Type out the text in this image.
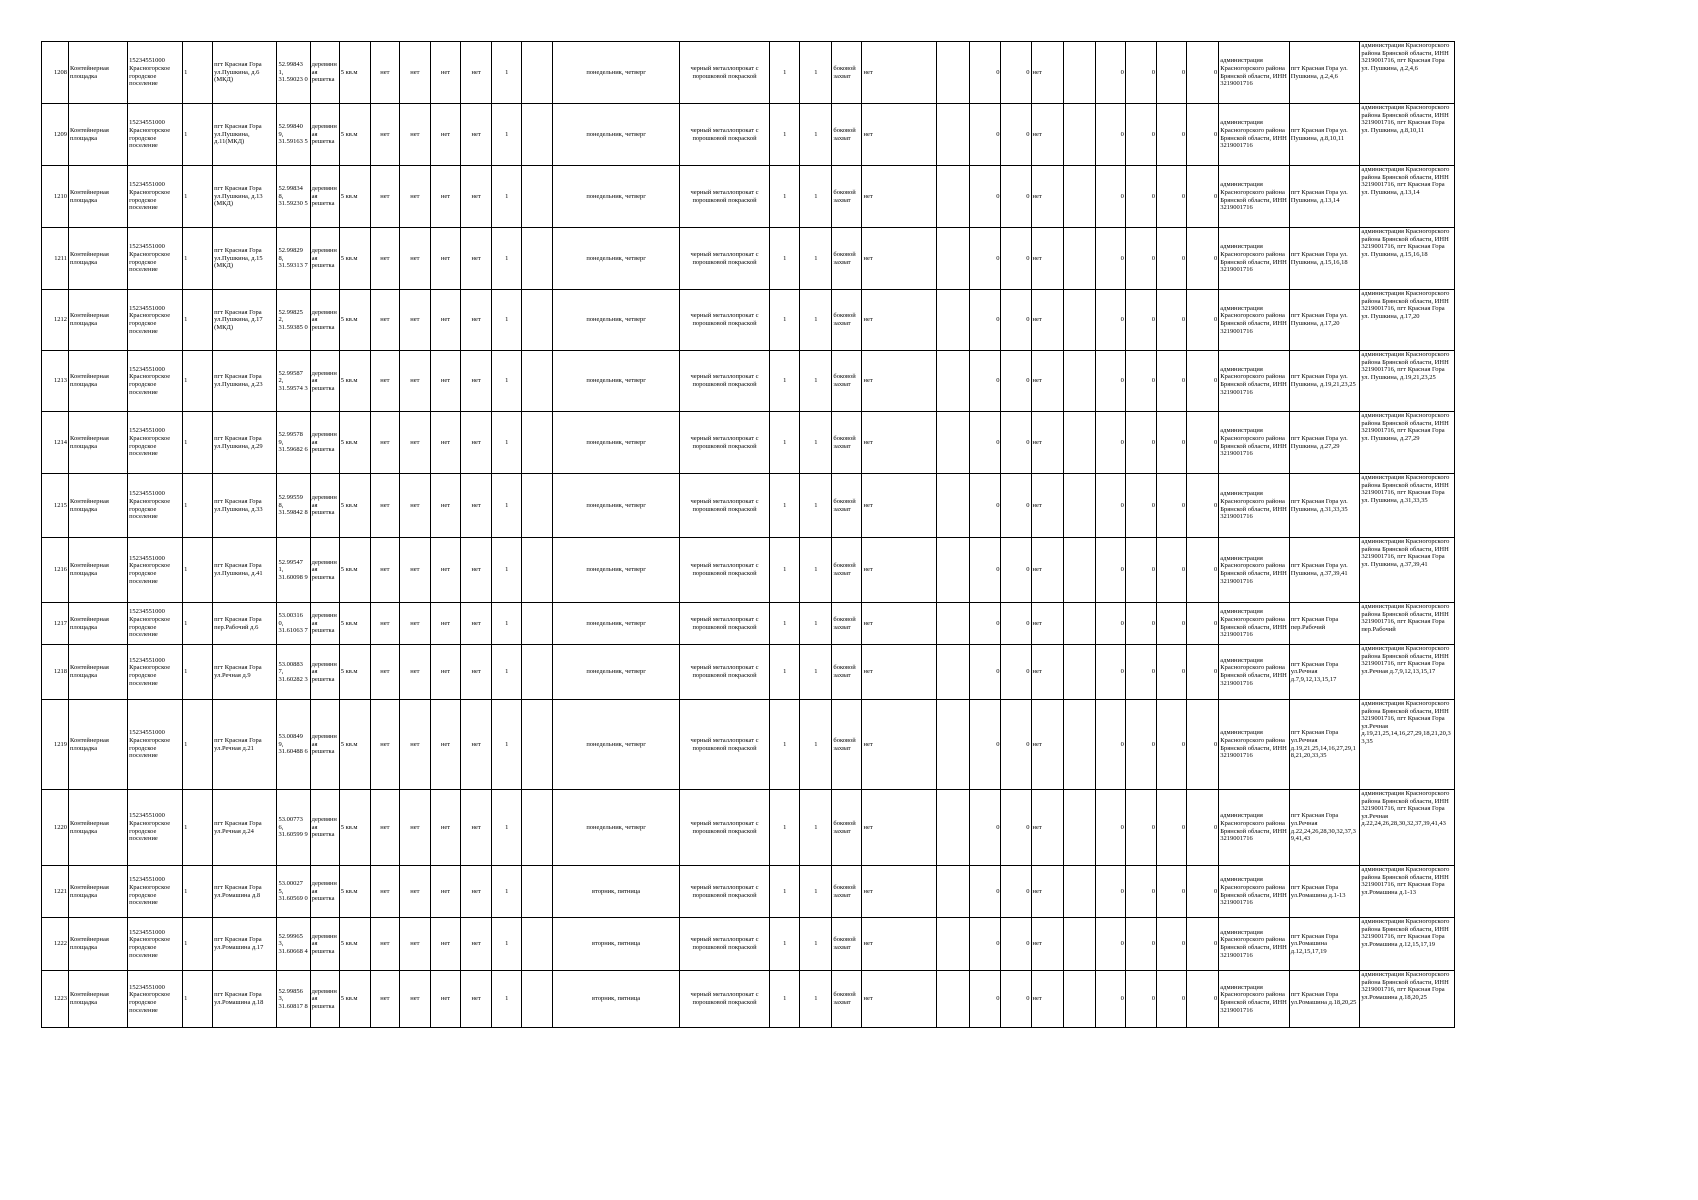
1208	Контейнерная площадка	15234551000 Красногорское городское поселение	1	пгт Красная Гора ул.Пушкина, д.6 (МКД)	52.99843 1, 31.59023 0	деревянная решетка	5 кв.м	нет	нет	нет	нет	1		понедельник, четверг	черный металлопрокат с порошковой покраской	1	1	боковой захват	нет		0	0	нет		0	0	0	0	администрация Красногорского района Брянской области, ИНН 3219001716	пгт Красная Гора ул. Пушкина, д.2,4,6	администрация Красногорского района Брянской области, ИНН 3219001716, пгт Красная Гора ул. Пушкина, д.2,4,6
1209	Контейнерная площадка	15234551000 Красногорское городское поселение	1	пгт Красная Гора ул.Пушкина, д.11(МКД)	52.99840 9, 31.59163 5	деревянная решетка	5 кв.м	нет	нет	нет	нет	1		понедельник, четверг	черный металлопрокат с порошковой покраской	1	1	боковой захват	нет		0	0	нет		0	0	0	0	администрация Красногорского района Брянской области, ИНН 3219001716	пгт Красная Гора ул. Пушкина, д.8,10,11	администрация Красногорского района Брянской области, ИНН 3219001716, пгт Красная Гора ул. Пушкина, д.8,10,11
1210	Контейнерная площадка	15234551000 Красногорское городское поселение	1	пгт Красная Гора ул.Пушкина, д.13 (МКД)	52.99834 8, 31.59230 5	деревянная решетка	5 кв.м	нет	нет	нет	нет	1		понедельник, четверг	черный металлопрокат с порошковой покраской	1	1	боковой захват	нет		0	0	нет		0	0	0	0	администрация Красногорского района Брянской области, ИНН 3219001716	пгт Красная Гора ул. Пушкина, д.13,14	администрация Красногорского района Брянской области, ИНН 3219001716, пгт Красная Гора ул. Пушкина, д.13,14
1211	Контейнерная площадка	15234551000 Красногорское городское поселение	1	пгт Красная Гора ул.Пушкина, д.15 (МКД)	52.99829 8, 31.59313 7	деревянная решетка	5 кв.м	нет	нет	нет	нет	1		понедельник, четверг	черный металлопрокат с порошковой покраской	1	1	боковой захват	нет		0	0	нет		0	0	0	0	администрация Красногорского района Брянской области, ИНН 3219001716	пгт Красная Гора ул. Пушкина, д.15,16,18	администрация Красногорского района Брянской области, ИНН 3219001716, пгт Красная Гора ул. Пушкина, д.15,16,18
1212	Контейнерная площадка	15234551000 Красногорское городское поселение	1	пгт Красная Гора ул.Пушкина, д.17 (МКД)	52.99825 2, 31.59385 0	деревянная решетка	5 кв.м	нет	нет	нет	нет	1		понедельник, четверг	черный металлопрокат с порошковой покраской	1	1	боковой захват	нет		0	0	нет		0	0	0	0	администрация Красногорского района Брянской области, ИНН 3219001716	пгт Красная Гора ул. Пушкина, д.17,20	администрация Красногорского района Брянской области, ИНН 3219001716, пгт Красная Гора ул. Пушкина, д.17,20
1213	Контейнерная площадка	15234551000 Красногорское городское поселение	1	пгт Красная Гора ул.Пушкина, д.23	52.99587 2, 31.59574 3	деревянная решетка	5 кв.м	нет	нет	нет	нет	1		понедельник, четверг	черный металлопрокат с порошковой покраской	1	1	боковой захват	нет		0	0	нет		0	0	0	0	администрация Красногорского района Брянской области, ИНН 3219001716	пгт Красная Гора ул. Пушкина, д.19,21,23,25	администрация Красногорского района Брянской области, ИНН 3219001716, пгт Красная Гора ул. Пушкина, д.19,21,23,25
1214	Контейнерная площадка	15234551000 Красногорское городское поселение	1	пгт Красная Гора ул.Пушкина, д.29	52.99578 9, 31.59682 6	деревянная решетка	5 кв.м	нет	нет	нет	нет	1		понедельник, четверг	черный металлопрокат с порошковой покраской	1	1	боковой захват	нет		0	0	нет		0	0	0	0	администрация Красногорского района Брянской области, ИНН 3219001716	пгт Красная Гора ул. Пушкина, д.27,29	администрация Красногорского района Брянской области, ИНН 3219001716, пгт Красная Гора ул. Пушкина, д.27,29
1215	Контейнерная площадка	15234551000 Красногорское городское поселение	1	пгт Красная Гора ул.Пушкина, д.33	52.99559 8, 31.59842 8	деревянная решетка	5 кв.м	нет	нет	нет	нет	1		понедельник, четверг	черный металлопрокат с порошковой покраской	1	1	боковой захват	нет		0	0	нет		0	0	0	0	администрация Красногорского района Брянской области, ИНН 3219001716	пгт Красная Гора ул. Пушкина, д.31,33,35	администрация Красногорского района Брянской области, ИНН 3219001716, пгт Красная Гора ул. Пушкина, д.31,33,35
1216	Контейнерная площадка	15234551000 Красногорское городское поселение	1	пгт Красная Гора ул.Пушкина, д.41	52.99547 1, 31.60098 9	деревянная решетка	5 кв.м	нет	нет	нет	нет	1		понедельник, четверг	черный металлопрокат с порошковой покраской	1	1	боковой захват	нет		0	0	нет		0	0	0	0	администрация Красногорского района Брянской области, ИНН 3219001716	пгт Красная Гора ул. Пушкина, д.37,39,41	администрация Красногорского района Брянской области, ИНН 3219001716, пгт Красная Гора ул. Пушкина, д.37,39,41
1217	Контейнерная площадка	15234551000 Красногорское городское поселение	1	пгт Красная Гора пер.Рабочий д.6	53.00316 0, 31.61063 7	деревянная решетка	5 кв.м	нет	нет	нет	нет	1		понедельник, четверг	черный металлопрокат с порошковой покраской	1	1	боковой захват	нет		0	0	нет		0	0	0	0	администрация Красногорского района Брянской области, ИНН 3219001716	пгт Красная Гора пер.Рабочий	администрация Красногорского района Брянской области, ИНН 3219001716, пгт Красная Гора пер.Рабочий
1218	Контейнерная площадка	15234551000 Красногорское городское поселение	1	пгт Красная Гора ул.Речная д.9	53.00883 7, 31.60282 3	деревянная решетка	5 кв.м	нет	нет	нет	нет	1		понедельник, четверг	черный металлопрокат с порошковой покраской	1	1	боковой захват	нет		0	0	нет		0	0	0	0	администрация Красногорского района Брянской области, ИНН 3219001716	пгт Красная Гора ул.Речная д.7,9,12,13,15,17	администрация Красногорского района Брянской области, ИНН 3219001716, пгт Красная Гора ул.Речная д.7,9,12,13,15,17
1219	Контейнерная площадка	15234551000 Красногорское городское поселение	1	пгт Красная Гора ул.Речная д.21	53.00849 9, 31.60488 6	деревянная решетка	5 кв.м	нет	нет	нет	нет	1		понедельник, четверг	черный металлопрокат с порошковой покраской	1	1	боковой захват	нет		0	0	нет		0	0	0	0	администрация Красногорского района Брянской области, ИНН 3219001716	пгт Красная Гора ул.Речная д.19,21,25,14,16,27,29,18,21,20,33,35	администрация Красногорского района Брянской области, ИНН 3219001716, пгт Красная Гора ул.Речная д.19,21,25,14,16,27,29,18,21,20,33,35
1220	Контейнерная площадка	15234551000 Красногорское городское поселение	1	пгт Красная Гора ул.Речная д.24	53.00773 6, 31.60599 9	деревянная решетка	5 кв.м	нет	нет	нет	нет	1		понедельник, четверг	черный металлопрокат с порошковой покраской	1	1	боковой захват	нет		0	0	нет		0	0	0	0	администрация Красногорского района Брянской области, ИНН 3219001716	пгт Красная Гора ул.Речная д.22,24,26,28,30,32,37,39,41,43	администрация Красногорского района Брянской области, ИНН 3219001716, пгт Красная Гора ул.Речная д.22,24,26,28,30,32,37,39,41,43
1221	Контейнерная площадка	15234551000 Красногорское городское поселение	1	пгт Красная Гора ул.Ромашина д.8	53.00027 5, 31.60569 0	деревянная решетка	5 кв.м	нет	нет	нет	нет	1		вторник, пятница	черный металлопрокат с порошковой покраской	1	1	боковой захват	нет		0	0	нет		0	0	0	0	администрация Красногорского района Брянской области, ИНН 3219001716	пгт Красная Гора ул.Ромашина д.1-13	администрация Красногорского района Брянской области, ИНН 3219001716, пгт Красная Гора ул.Ромашина д.1-13
1222	Контейнерная площадка	15234551000 Красногорское городское поселение	1	пгт Красная Гора ул.Ромашина д.17	52.99965 3, 31.60668 4	деревянная решетка	5 кв.м	нет	нет	нет	нет	1		вторник, пятница	черный металлопрокат с порошковой покраской	1	1	боковой захват	нет		0	0	нет		0	0	0	0	администрация Красногорского района Брянской области, ИНН 3219001716	пгт Красная Гора ул.Ромашина д.12,15,17,19	администрация Красногорского района Брянской области, ИНН 3219001716, пгт Красная Гора ул.Ромашина д.12,15,17,19
1223	Контейнерная площадка	15234551000 Красногорское городское поселение	1	пгт Красная Гора ул.Ромашина д.18	52.99856 3, 31.60817 8	деревянная решетка	5 кв.м	нет	нет	нет	нет	1		вторник, пятница	черный металлопрокат с порошковой покраской	1	1	боковой захват	нет		0	0	нет		0	0	0	0	администрация Красногорского района Брянской области, ИНН 3219001716	пгт Красная Гора ул.Ромашина д.18,20,25	администрация Красногорского района Брянской области, ИНН 3219001716, пгт Красная Гора ул.Ромашина д.18,20,25
